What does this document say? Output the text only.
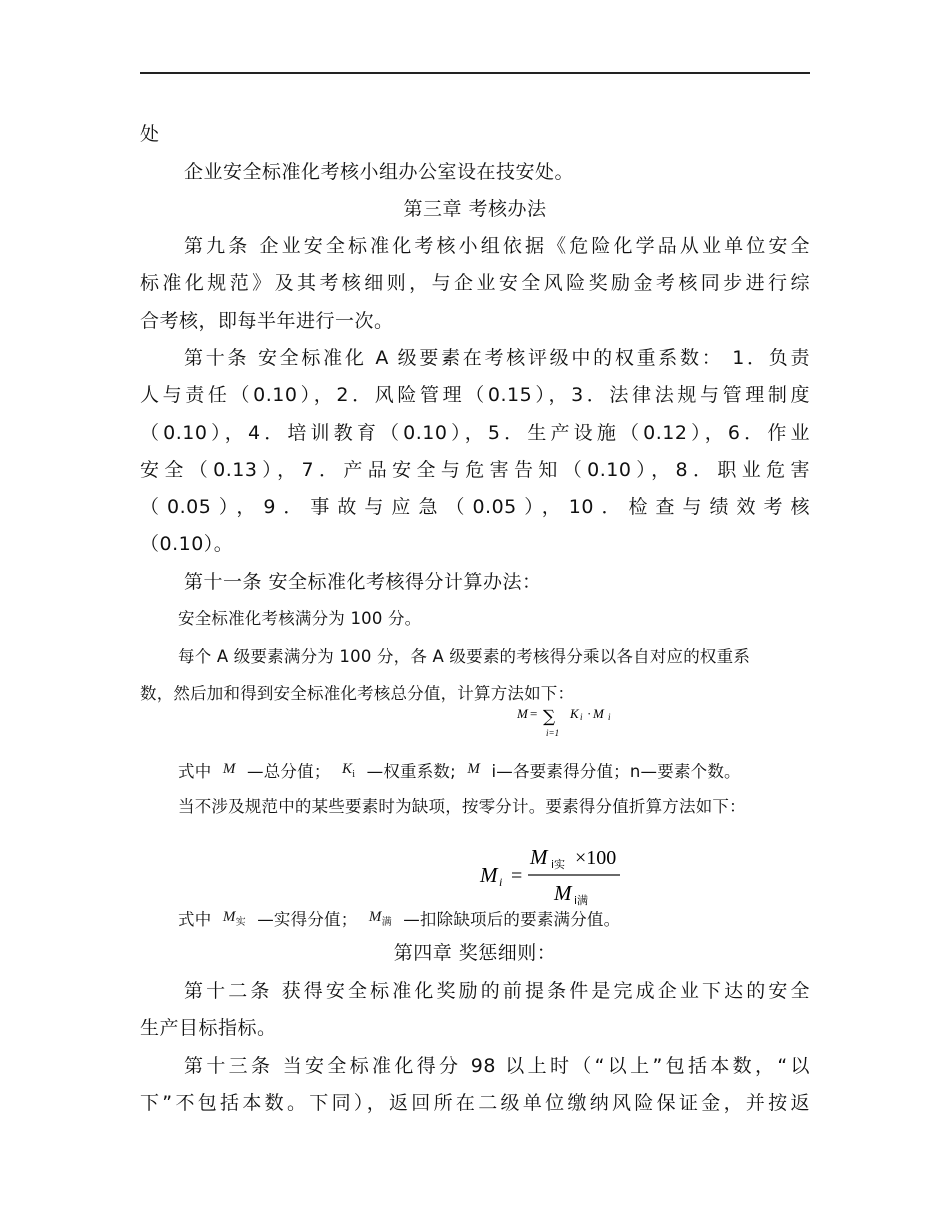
处
企业安全标准化考核小组办公室设在技安处。
第三章 考核办法
第九条 企业安全标准化考核小组依据《危险化学品从业单位安全
标准化规范》及其考核细则，与企业安全风险奖励金考核同步进行综
合考核，即每半年进行一次。
第十条 安全标准化 A 级要素在考核评级中的权重系数： 1．负责
人与责任（0.10），2．风险管理（0.15），3．法律法规与管理制度
（0.10），4．培训教育（0.10），5．生产设施（0.12），6．作业
安全（0.13），7．产品安全与危害告知（0.10），8．职业危害
（0.05），9．事故与应急（0.05），10．检查与绩效考核
（0.10）。
第十一条 安全标准化考核得分计算办法：
安全标准化考核满分为 100 分。
每个 A 级要素满分为 100 分，各 A 级要素的考核得分乘以各自对应的权重系
数，然后加和得到安全标准化考核总分值，计算方法如下：
M = ∑
i=1
K i · M i
式中 M —总分值； $K_i$ —权重系数; M i—各要素得分值；n—要素个数。
当不涉及规范中的某些要素时为缺项，按零分计。要素得分值折算方法如下：
M i =
M i实 ×100
M i满
式中 $M_实$ —实得分值； $M_满$ —扣除缺项后的要素满分值。
第四章 奖惩细则：
第十二条 获得安全标准化奖励的前提条件是完成企业下达的安全
生产目标指标。
第十三条 当安全标准化得分 98 以上时（“以上”包括本数，“以
下”不包括本数。下同），返回所在二级单位缴纳风险保证金，并按返
